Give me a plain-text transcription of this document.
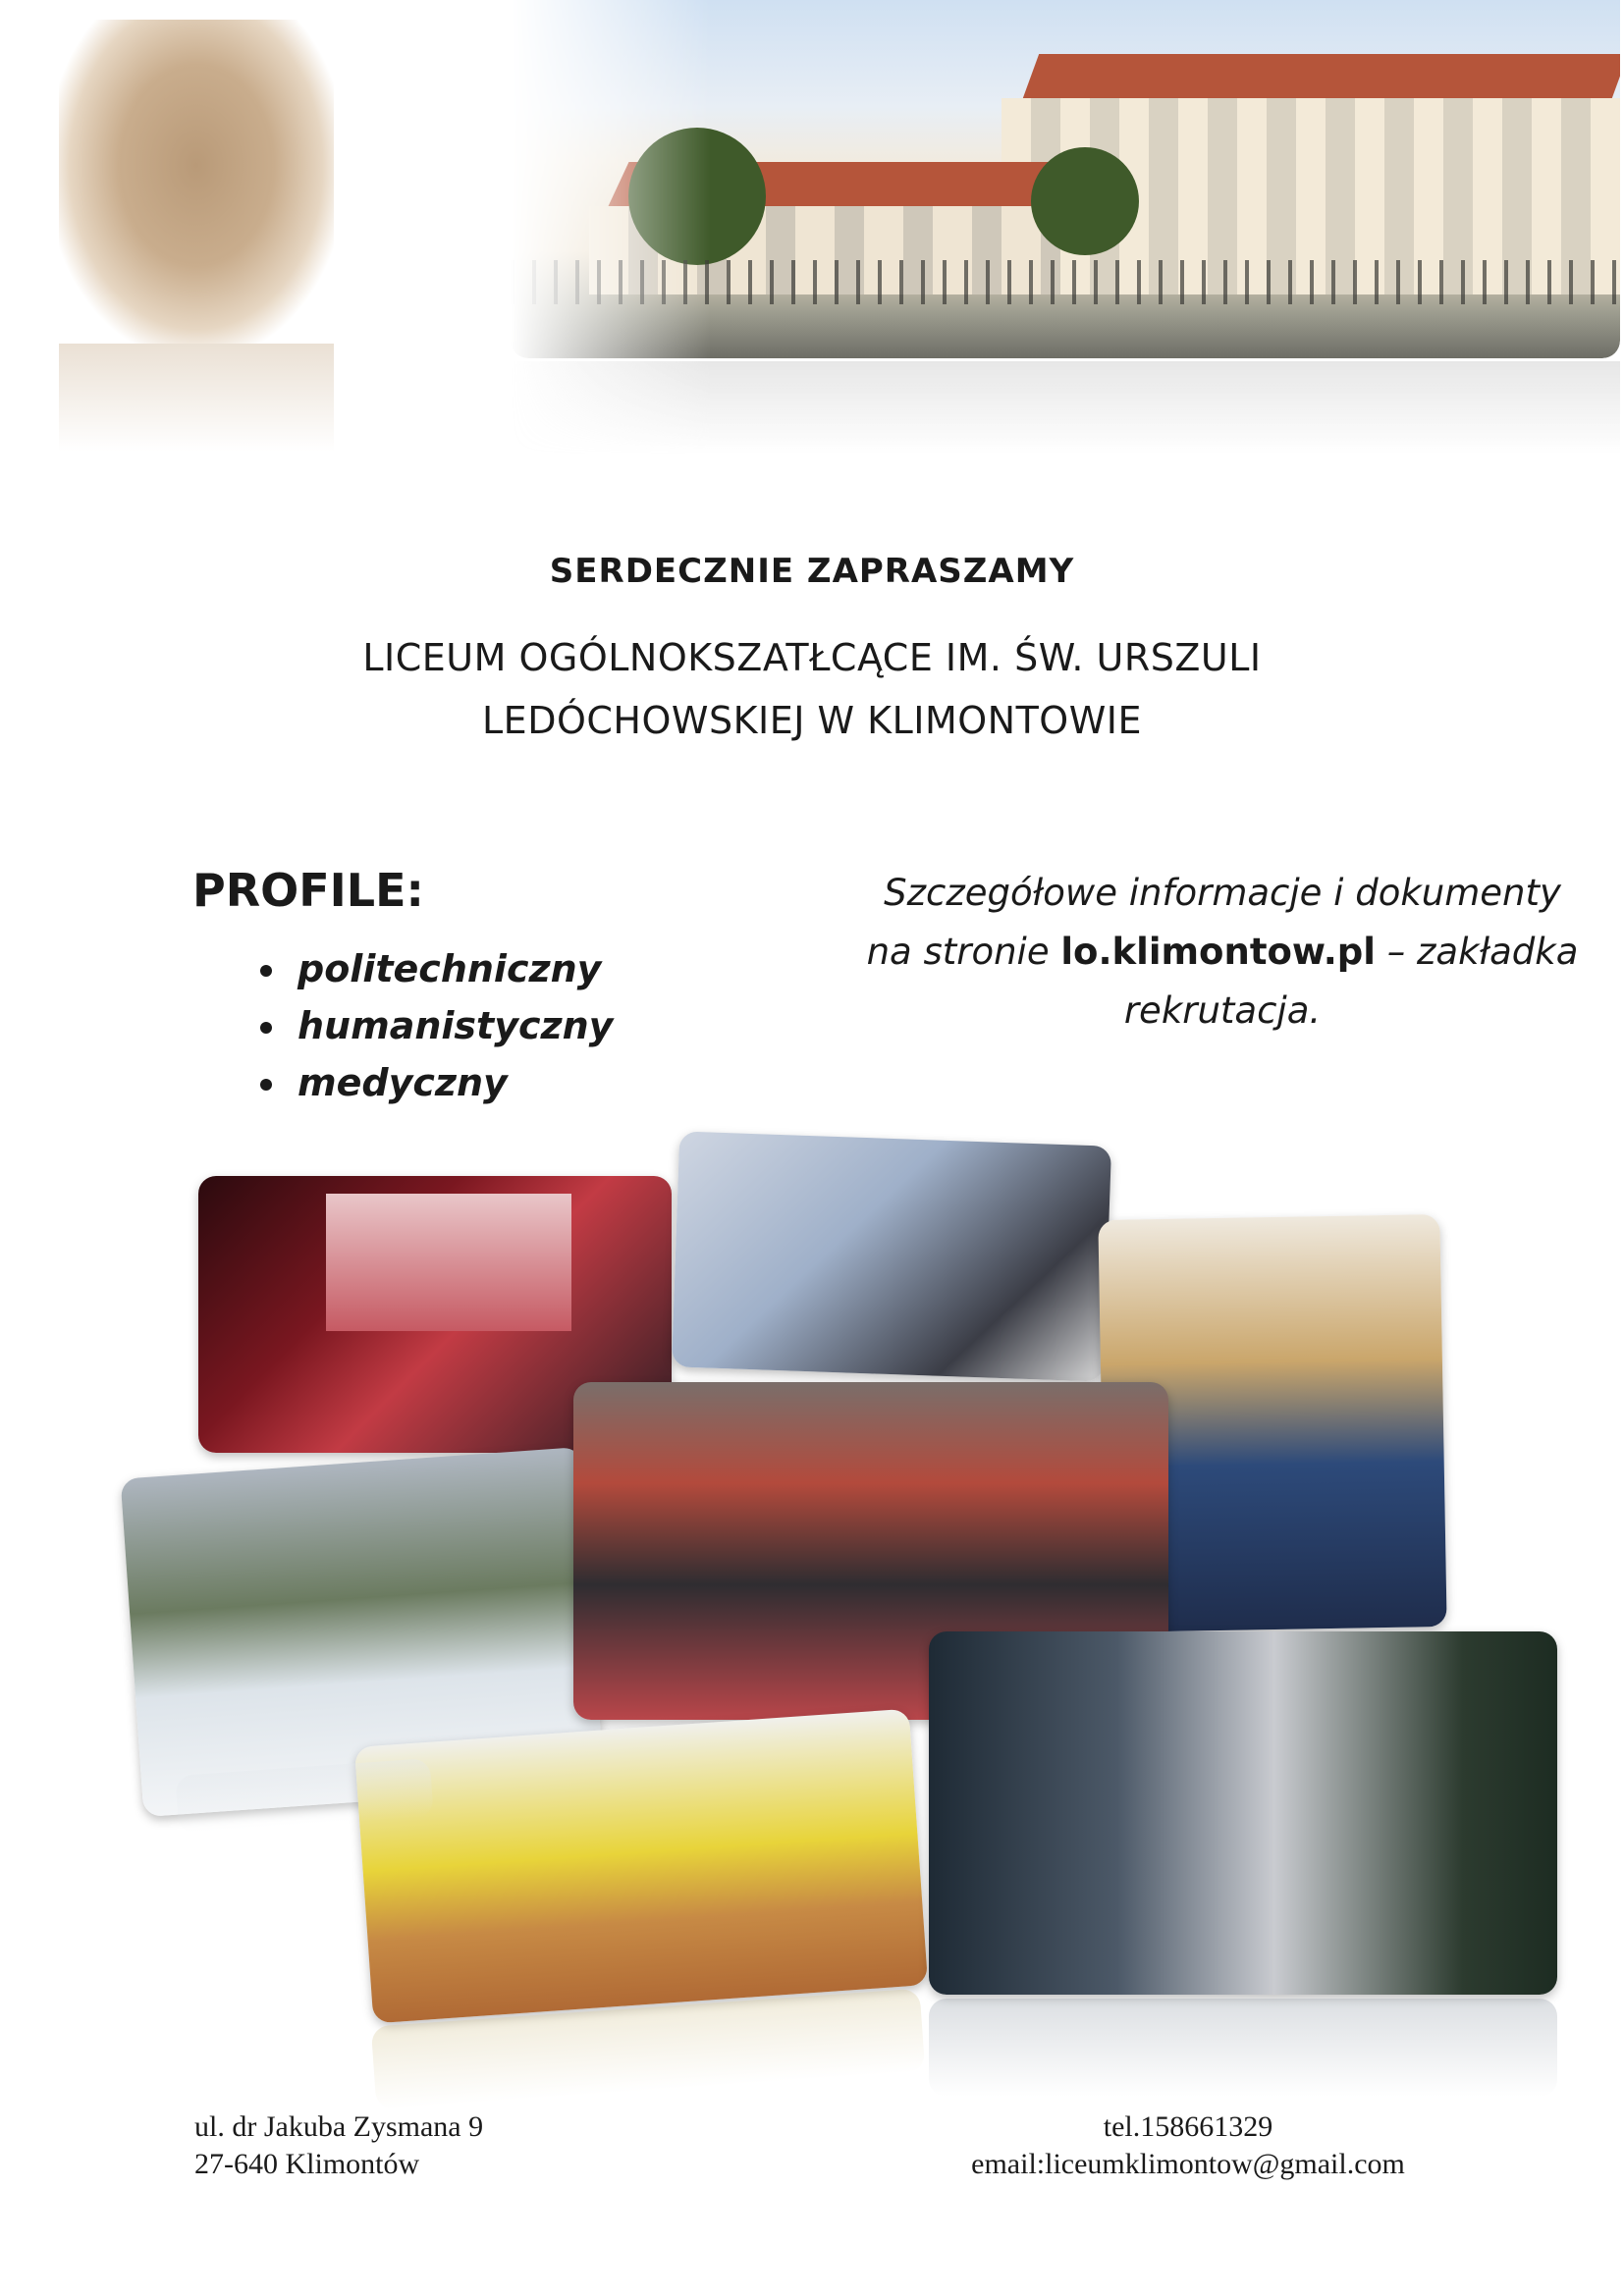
SERDECZNIE ZAPRASZAMY
LICEUM OGÓLNOKSZATŁCĄCE IM. ŚW. URSZULI
LEDÓCHOWSKIEJ W KLIMONTOWIE
PROFILE:
• politechniczny
• humanistyczny
• medyczny
Szczegółowe informacje i dokumenty
na stronie lo.klimontow.pl – zakładka
rekrutacja.
ul. dr Jakuba Zysmana 9
27-640 Klimontów
tel.158661329
email:liceumklimontow@gmail.com
